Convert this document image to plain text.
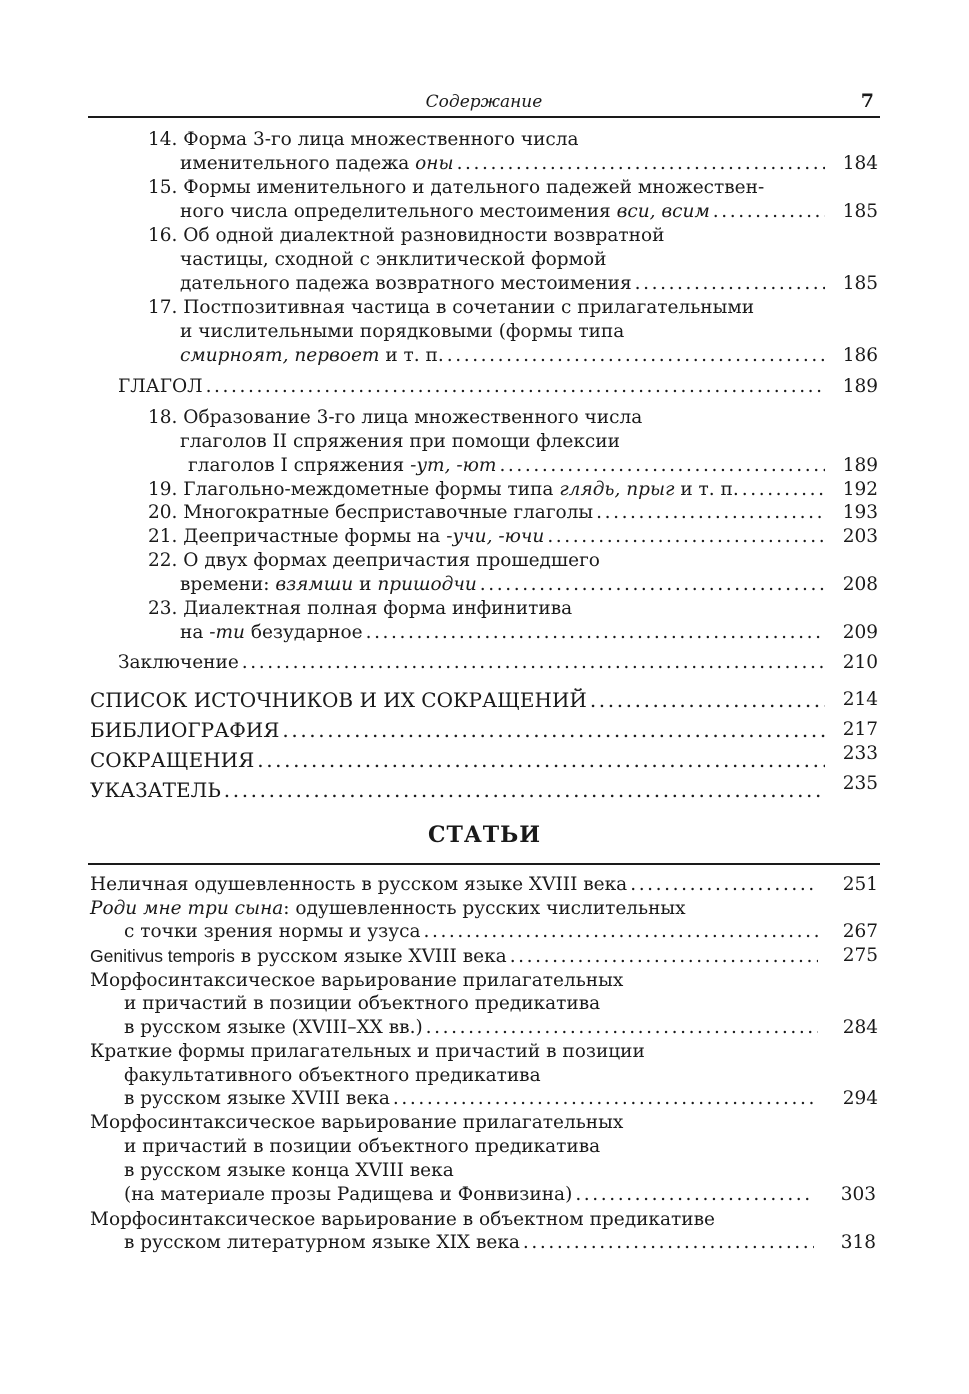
Содержание	7
14. Форма 3-го лица множественного числа
именительного падежа оны .....	184
15. Формы именительного и дательного падежей множествен-
ного числа определительного местоимения вси, всим .....	185
16. Об одной диалектной разновидности возвратной
частицы, сходной с энклитической формой
дательного падежа возвратного местоимения .....	185
17. Постпозитивная частица в сочетании с прилагательными
и числительными порядковыми (формы типа
смирноят, первоет и т. п. .....	186
ГЛАГОЛ .....	189
18. Образование 3-го лица множественного числа
глаголов II спряжения при помощи флексии
глаголов I спряжения -ут, -ют .....	189
19. Глагольно-междометные формы типа глядь, прыг и т. п. .....	192
20. Многократные бесприставочные глаголы .....	193
21. Деепричастные формы на -учи, -ючи .....	203
22. О двух формах деепричастия прошедшего
времени: взямши и пришодчи .....	208
23. Диалектная полная форма инфинитива
на -ти безударное .....	209
Заключение .....	210
СПИСОК ИСТОЧНИКОВ И ИХ СОКРАЩЕНИЙ .....	214
БИБЛИОГРАФИЯ .....	217
СОКРАЩЕНИЯ .....	233
УКАЗАТЕЛЬ .....	235
СТАТЬИ
Неличная одушевленность в русском языке XVIII века .....	251
Роди мне три сына: одушевленность русских числительных
с точки зрения нормы и узуса .....	267
Genitivus temporis в русском языке XVIII века .....	275
Морфосинтаксическое варьирование прилагательных
и причастий в позиции объектного предикатива
в русском языке (XVIII–XX вв.) .....	284
Краткие формы прилагательных и причастий в позиции
факультативного объектного предикатива
в русском языке XVIII века .....	294
Морфосинтаксическое варьирование прилагательных
и причастий в позиции объектного предикатива
в русском языке конца XVIII века
(на материале прозы Радищева и Фонвизина) .....	303
Морфосинтаксическое варьирование в объектном предикативе
в русском литературном языке XIX века .....	318
